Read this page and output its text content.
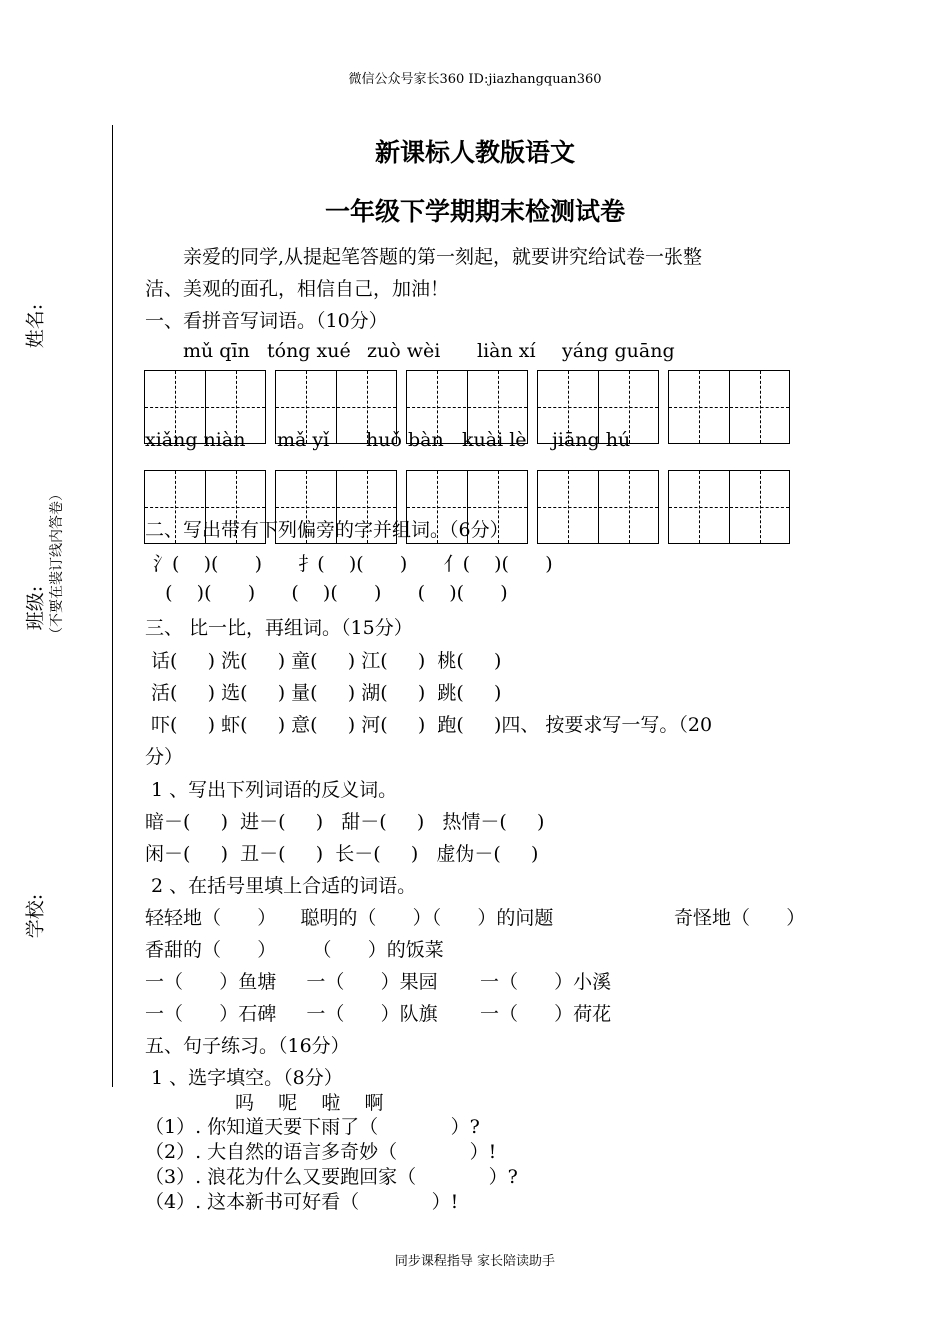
微信公众号家长360 ID:jiazhangquan360
姓名:
班级: （不要在装订线内答卷）
学校:
新课标人教版语文
一年级下学期期末检测试卷
亲爱的同学,从提起笔答题的第一刻起，就要讲究给试卷一张整
洁、美观的面孔，相信自己，加油！
一、看拼音写词语。（10分）
mǔ qīn tóng xué zuò wèi liàn xí yáng guāng
xiǎng niàn mǎ yǐ huǒ bàn kuài lè jiāng hú
二、写出带有下列偏旁的字并组词。（6分）
氵(    )(      )      扌(    )(      )      亻(    )(      )
(    )(      )      (    )(      )      (    )(      )
三、 比一比，再组词。（15分）
话(     ) 洗(     ) 童(     ) 江(     )  桃(     )
活(     ) 选(     ) 量(     ) 湖(     )  跳(     )
吓(     ) 虾(     ) 意(     ) 河(     )  跑(     )四、 按要求写一写。（20
分）
1 、写出下列词语的反义词。
暗－(     )  进－(     )   甜－(     )   热情－(     )
闲－(     )  丑－(     )  长－(     )   虚伪－(     )
2 、在括号里填上合适的词语。
轻轻地（      ）    聪明的（      ）（      ）的问题	奇怪地（      ）
香甜的（      ）      （      ）的饭菜
一（      ）鱼塘     一（      ）果园       一（      ）小溪
一（      ）石碑     一（      ）队旗       一（      ）荷花
五、句子练习。（16分）
1 、选字填空。（8分）
吗    呢    啦    啊
（1）. 你知道天要下雨了（            ）?
（2）. 大自然的语言多奇妙（            ）!
（3）. 浪花为什么又要跑回家（            ）?
（4）. 这本新书可好看（            ）!
同步课程指导 家长陪读助手
